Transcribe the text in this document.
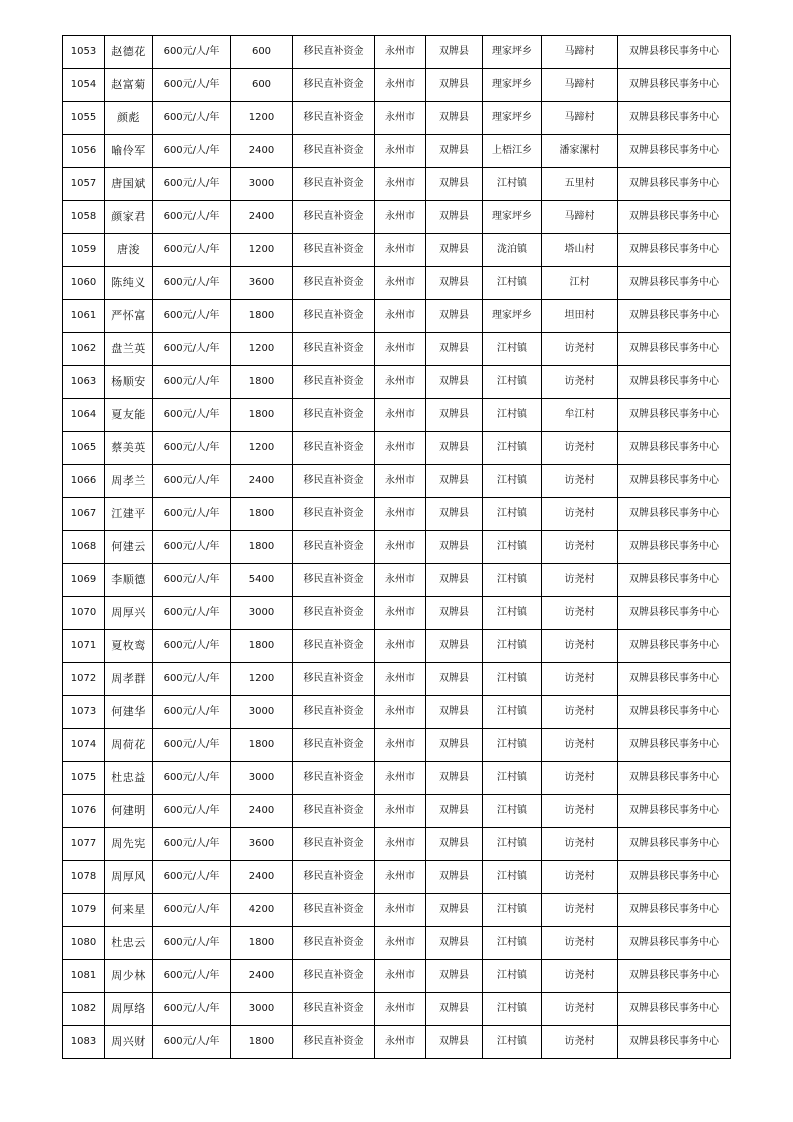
1053	赵德花	600元/人/年	600	移民直补资金	永州市	双牌县	理家坪乡	马蹄村	双牌县移民事务中心
1054	赵富菊	600元/人/年	600	移民直补资金	永州市	双牌县	理家坪乡	马蹄村	双牌县移民事务中心
1055	颜彪	600元/人/年	1200	移民直补资金	永州市	双牌县	理家坪乡	马蹄村	双牌县移民事务中心
1056	喻伶军	600元/人/年	2400	移民直补资金	永州市	双牌县	上梧江乡	潘家漯村	双牌县移民事务中心
1057	唐国斌	600元/人/年	3000	移民直补资金	永州市	双牌县	江村镇	五里村	双牌县移民事务中心
1058	颜家君	600元/人/年	2400	移民直补资金	永州市	双牌县	理家坪乡	马蹄村	双牌县移民事务中心
1059	唐浚	600元/人/年	1200	移民直补资金	永州市	双牌县	泷泊镇	塔山村	双牌县移民事务中心
1060	陈纯义	600元/人/年	3600	移民直补资金	永州市	双牌县	江村镇	江村	双牌县移民事务中心
1061	严怀富	600元/人/年	1800	移民直补资金	永州市	双牌县	理家坪乡	坦田村	双牌县移民事务中心
1062	盘兰英	600元/人/年	1200	移民直补资金	永州市	双牌县	江村镇	访尧村	双牌县移民事务中心
1063	杨顺安	600元/人/年	1800	移民直补资金	永州市	双牌县	江村镇	访尧村	双牌县移民事务中心
1064	夏友能	600元/人/年	1800	移民直补资金	永州市	双牌县	江村镇	牟江村	双牌县移民事务中心
1065	蔡美英	600元/人/年	1200	移民直补资金	永州市	双牌县	江村镇	访尧村	双牌县移民事务中心
1066	周孝兰	600元/人/年	2400	移民直补资金	永州市	双牌县	江村镇	访尧村	双牌县移民事务中心
1067	江建平	600元/人/年	1800	移民直补资金	永州市	双牌县	江村镇	访尧村	双牌县移民事务中心
1068	何建云	600元/人/年	1800	移民直补资金	永州市	双牌县	江村镇	访尧村	双牌县移民事务中心
1069	李顺德	600元/人/年	5400	移民直补资金	永州市	双牌县	江村镇	访尧村	双牌县移民事务中心
1070	周厚兴	600元/人/年	3000	移民直补资金	永州市	双牌县	江村镇	访尧村	双牌县移民事务中心
1071	夏枚鸾	600元/人/年	1800	移民直补资金	永州市	双牌县	江村镇	访尧村	双牌县移民事务中心
1072	周孝群	600元/人/年	1200	移民直补资金	永州市	双牌县	江村镇	访尧村	双牌县移民事务中心
1073	何建华	600元/人/年	3000	移民直补资金	永州市	双牌县	江村镇	访尧村	双牌县移民事务中心
1074	周荷花	600元/人/年	1800	移民直补资金	永州市	双牌县	江村镇	访尧村	双牌县移民事务中心
1075	杜忠益	600元/人/年	3000	移民直补资金	永州市	双牌县	江村镇	访尧村	双牌县移民事务中心
1076	何建明	600元/人/年	2400	移民直补资金	永州市	双牌县	江村镇	访尧村	双牌县移民事务中心
1077	周先宪	600元/人/年	3600	移民直补资金	永州市	双牌县	江村镇	访尧村	双牌县移民事务中心
1078	周厚风	600元/人/年	2400	移民直补资金	永州市	双牌县	江村镇	访尧村	双牌县移民事务中心
1079	何来星	600元/人/年	4200	移民直补资金	永州市	双牌县	江村镇	访尧村	双牌县移民事务中心
1080	杜忠云	600元/人/年	1800	移民直补资金	永州市	双牌县	江村镇	访尧村	双牌县移民事务中心
1081	周少林	600元/人/年	2400	移民直补资金	永州市	双牌县	江村镇	访尧村	双牌县移民事务中心
1082	周厚络	600元/人/年	3000	移民直补资金	永州市	双牌县	江村镇	访尧村	双牌县移民事务中心
1083	周兴财	600元/人/年	1800	移民直补资金	永州市	双牌县	江村镇	访尧村	双牌县移民事务中心
